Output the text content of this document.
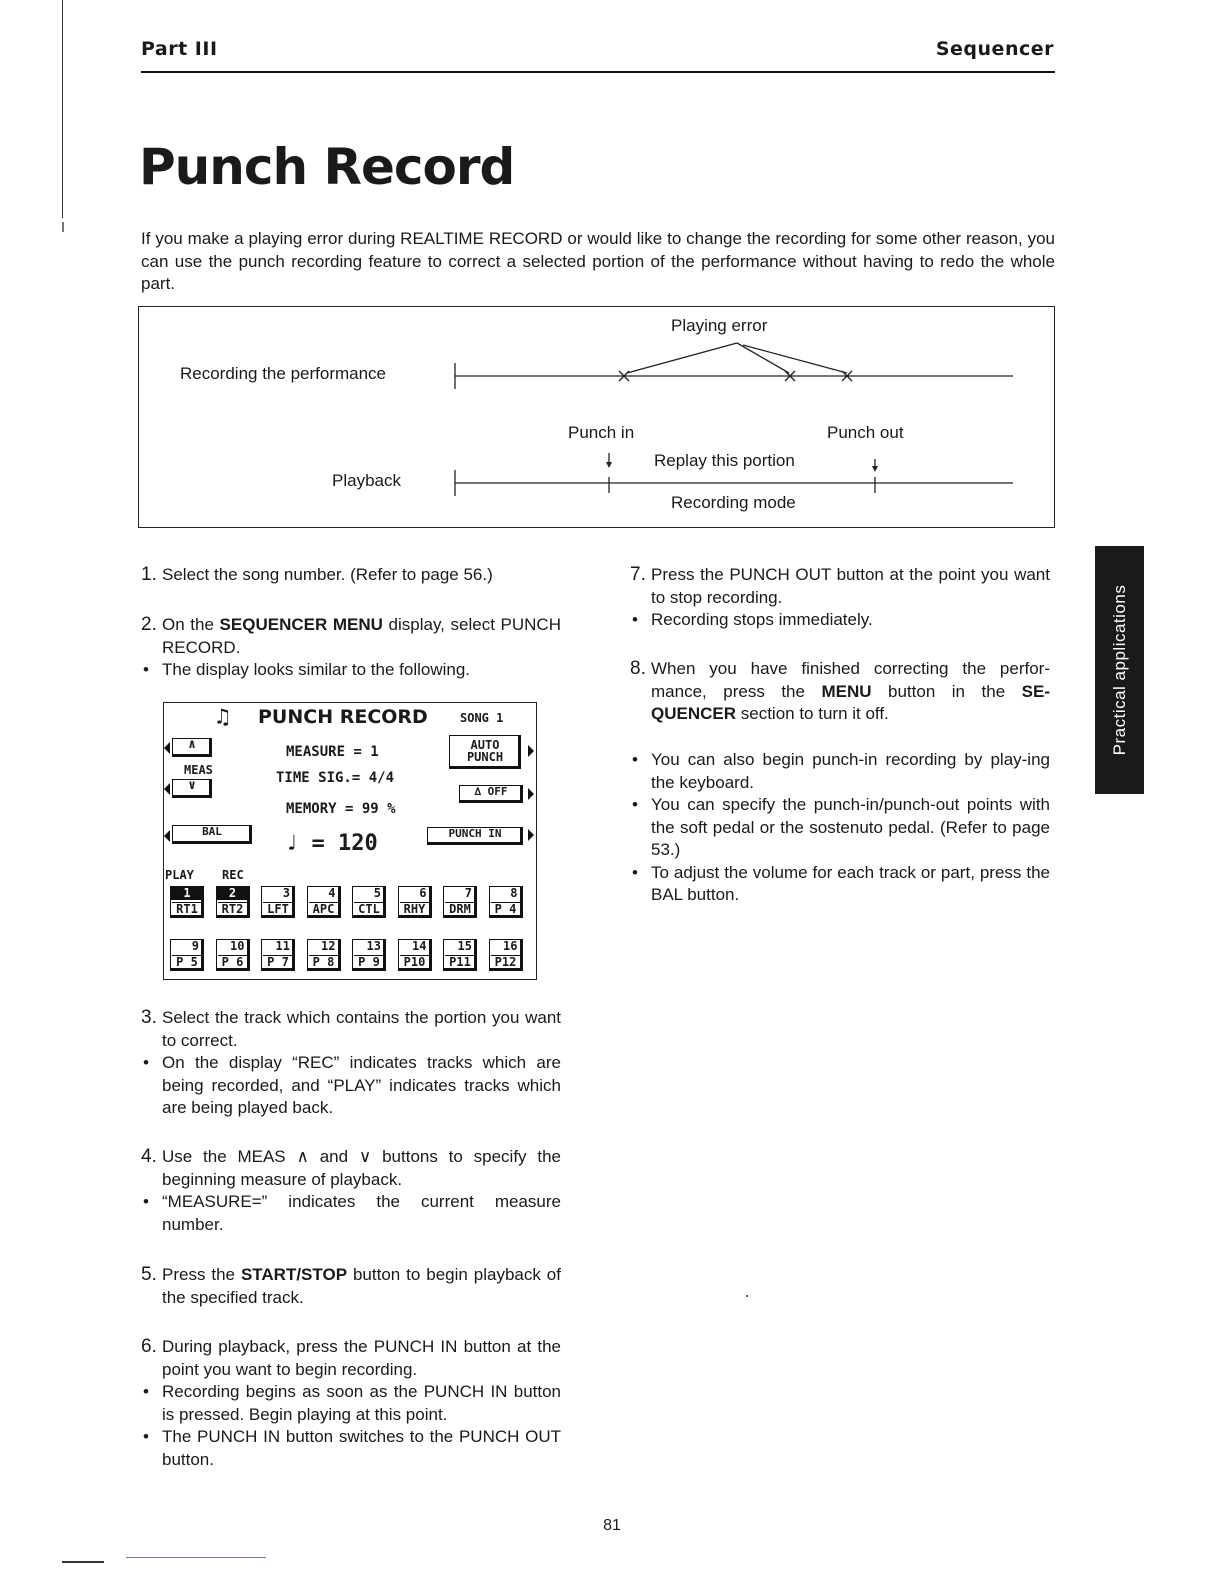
Part III	Sequencer
Punch Record
If you make a playing error during REALTIME RECORD or would like to change the recording for some other reason, you can use the punch recording feature to correct a selected portion of the performance without having to redo the whole part.
Playing error
Recording the performance
Punch in	Punch out
Replay this portion
Playback
Recording mode
1. Select the song number. (Refer to page 56.)
2. On the SEQUENCER MENU display, select PUNCH RECORD.
• The display looks similar to the following.
3. Select the track which contains the portion you want to correct.
• On the display “REC” indicates tracks which are being recorded, and “PLAY” indicates tracks which are being played back.
4. Use the MEAS ∧ and ∨ buttons to specify the beginning measure of playback.
• “MEASURE=” indicates the current measure number.
5. Press the START/STOP button to begin playback of the specified track.
6. During playback, press the PUNCH IN button at the point you want to begin recording.
• Recording begins as soon as the PUNCH IN button is pressed. Begin playing at this point.
• The PUNCH IN button switches to the PUNCH OUT button.
7. Press the PUNCH OUT button at the point you want to stop recording.
• Recording stops immediately.
8. When you have finished correcting the perfor-mance, press the MENU button in the SE-QUENCER section to turn it off.
• You can also begin punch-in recording by play-ing the keyboard.
• You can specify the punch-in/punch-out points with the soft pedal or the sostenuto pedal. (Refer to page 53.)
• To adjust the volume for each track or part, press the BAL button.
♫ PUNCH RECORD	SONG 1
∧
MEAS
∨
MEASURE = 1
TIME SIG.= 4/4
MEMORY = 99 %
AUTO
PUNCH
∆ OFF
BAL	♩ = 120	PUNCH IN
PLAY REC
1
RT1
2
RT2
3
LFT
4
APC
5
CTL
6
RHY
7
DRM
8
P 4
9
P 5
10
P 6
11
P 7
12
P 8
13
P 9
14
P10
15
P11
16
P12
Practical applications
81
